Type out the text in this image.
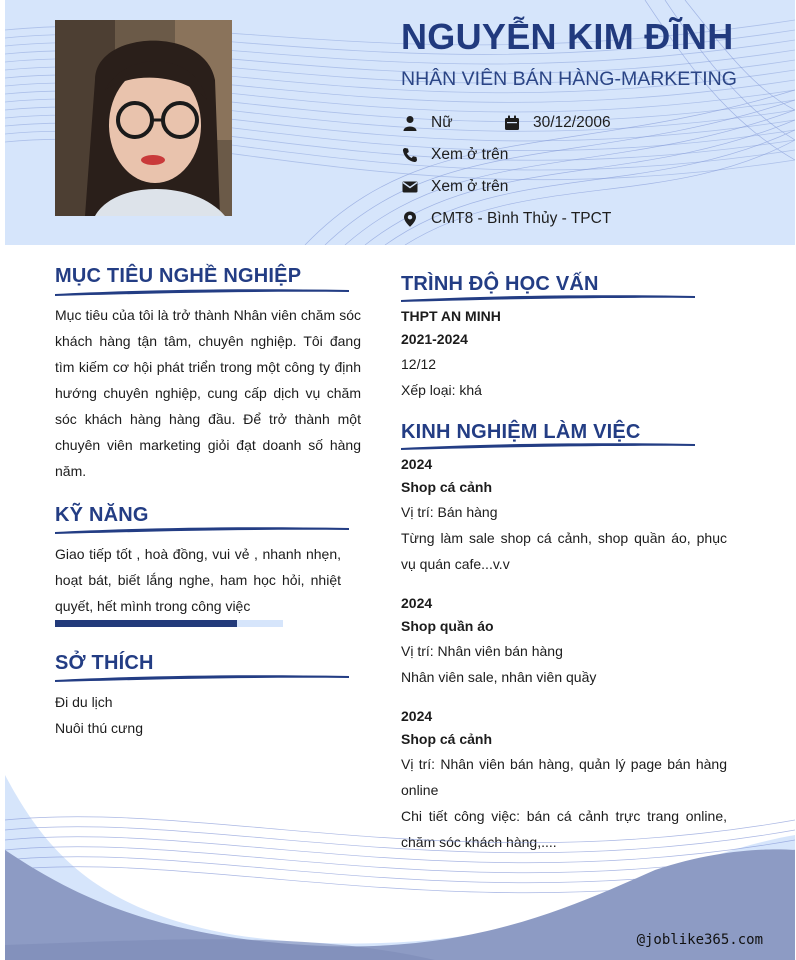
NGUYỄN KIM ĐĨNH
NHÂN VIÊN BÁN HÀNG-MARKETING
Nữ	30/12/2006
Xem ở trên
Xem ở trên
CMT8 - Bình Thủy - TPCT
MỤC TIÊU NGHỀ NGHIỆP
Mục tiêu của tôi là trở thành Nhân viên chăm sóc khách hàng tận tâm, chuyên nghiệp. Tôi đang tìm kiếm cơ hội phát triển trong một công ty định hướng chuyên nghiệp, cung cấp dịch vụ chăm sóc khách hàng hàng đầu. Để trở thành một chuyên viên marketing giỏi đạt doanh số hàng năm.
KỸ NĂNG
Giao tiếp tốt , hoà đồng, vui vẻ , nhanh nhẹn, hoạt bát, biết lắng nghe, ham học hỏi, nhiệt quyết, hết mình trong công việc
SỞ THÍCH
Đi du lịch
Nuôi thú cưng
TRÌNH ĐỘ HỌC VẤN
THPT AN MINH
2021-2024
12/12
Xếp loại: khá
KINH NGHIỆM LÀM VIỆC
2024
Shop cá cảnh
Vị trí: Bán hàng
Từng làm sale shop cá cảnh, shop quần áo, phục vụ quán cafe...v.v
2024
Shop quần áo
Vị trí: Nhân viên bán hàng
Nhân viên sale, nhân viên quầy
2024
Shop cá cảnh
Vị trí: Nhân viên bán hàng, quản lý page bán hàng online
Chi tiết công việc: bán cá cảnh trực trang online, chăm sóc khách hàng,....
@joblike365.com
